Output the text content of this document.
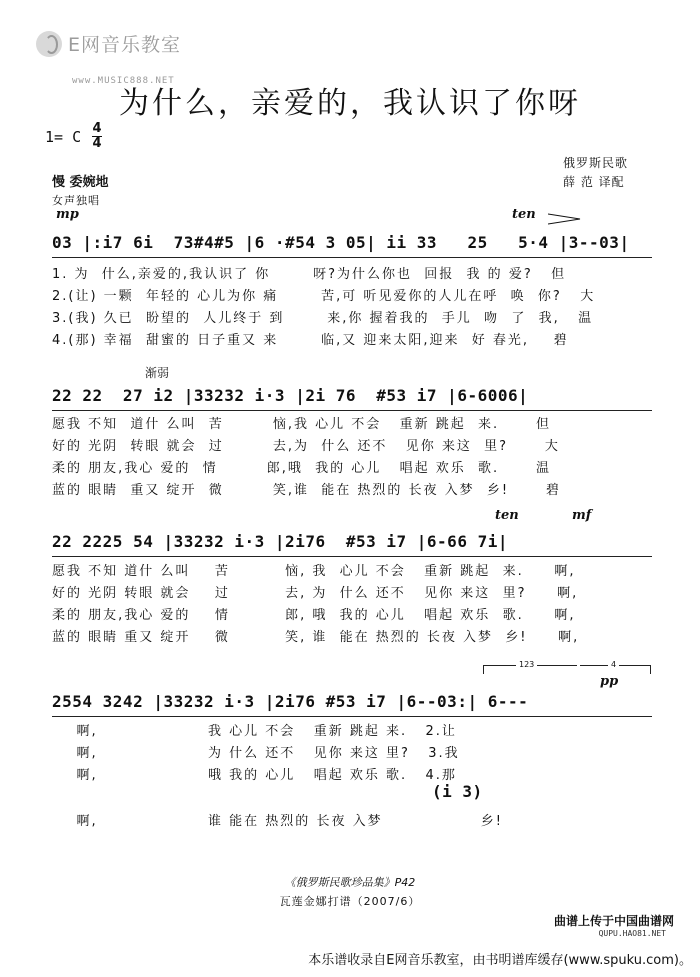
E网音乐教室
www.MUSIC888.NET
为什么，亲爱的，我认识了你呀
1= C 4
4
俄罗斯民歌
薛 范 译配
慢 委婉地
女声独唱
mp	ten
03 |:i7 6i  73#4#5 |6 ·#54 3 05| ii 33   25   5·4 |3--03|
1. 为  什么,亲爱的,我认识了 你       呀?为什么你也  回报  我 的 爱?   但
2.(让) 一颗  年轻的 心儿为你 痛       苦,可 听见爱你的人儿在呼  唤  你?   大
3.(我) 久已  盼望的  人儿终于 到       来,你 握着我的  手儿  吻  了  我,   温
4.(那) 幸福  甜蜜的 日子重又 来       临,又 迎来太阳,迎来  好 春光,    碧
渐弱
22 22  27 i2 |33232 i·3 |2i 76  #53 i7 |6-6006|
愿我 不知  道什 么叫  苦        恼,我 心儿 不会   重新 跳起  来.      但
好的 光阴  转眼 就会  过        去,为  什么 还不   见你 来这  里?      大
柔的 朋友,我心 爱的  情        郎,哦  我的 心儿   唱起 欢乐  歌.      温
蓝的 眼睛  重又 绽开  微        笑,谁  能在 热烈的 长夜 入梦  乡!      碧
ten	mf
22 2225 54 |33232 i·3 |2i76  #53 i7 |6-66 7i|
愿我 不知 道什 么叫    苦         恼, 我  心儿 不会   重新 跳起  来.     啊,
好的 光阴 转眼 就会    过         去, 为  什么 还不   见你 来这  里?     啊,
柔的 朋友,我心 爱的    情         郎, 哦  我的 心儿   唱起 欢乐  歌.     啊,
蓝的 眼睛 重又 绽开    微         笑, 谁  能在 热烈的 长夜 入梦  乡!     啊,
123	4
pp
2554 3242 |33232 i·3 |2i76 #53 i7 |6--03:| 6---
啊,                  我 心儿 不会   重新 跳起 来.   2.让
啊,                  为 什么 还不   见你 来这 里?   3.我
啊,                  哦 我的 心儿   唱起 欢乐 歌.   4.那
(i 3)
啊,                  谁 能在 热烈的 长夜 入梦                乡!
《俄罗斯民歌珍品集》P42
瓦莲金娜打谱（2007/6）
曲谱上传于中国曲谱网
QUPU.HAO81.NET
本乐谱收录自E网音乐教室，由书明谱库缓存(www.spuku.com)。
